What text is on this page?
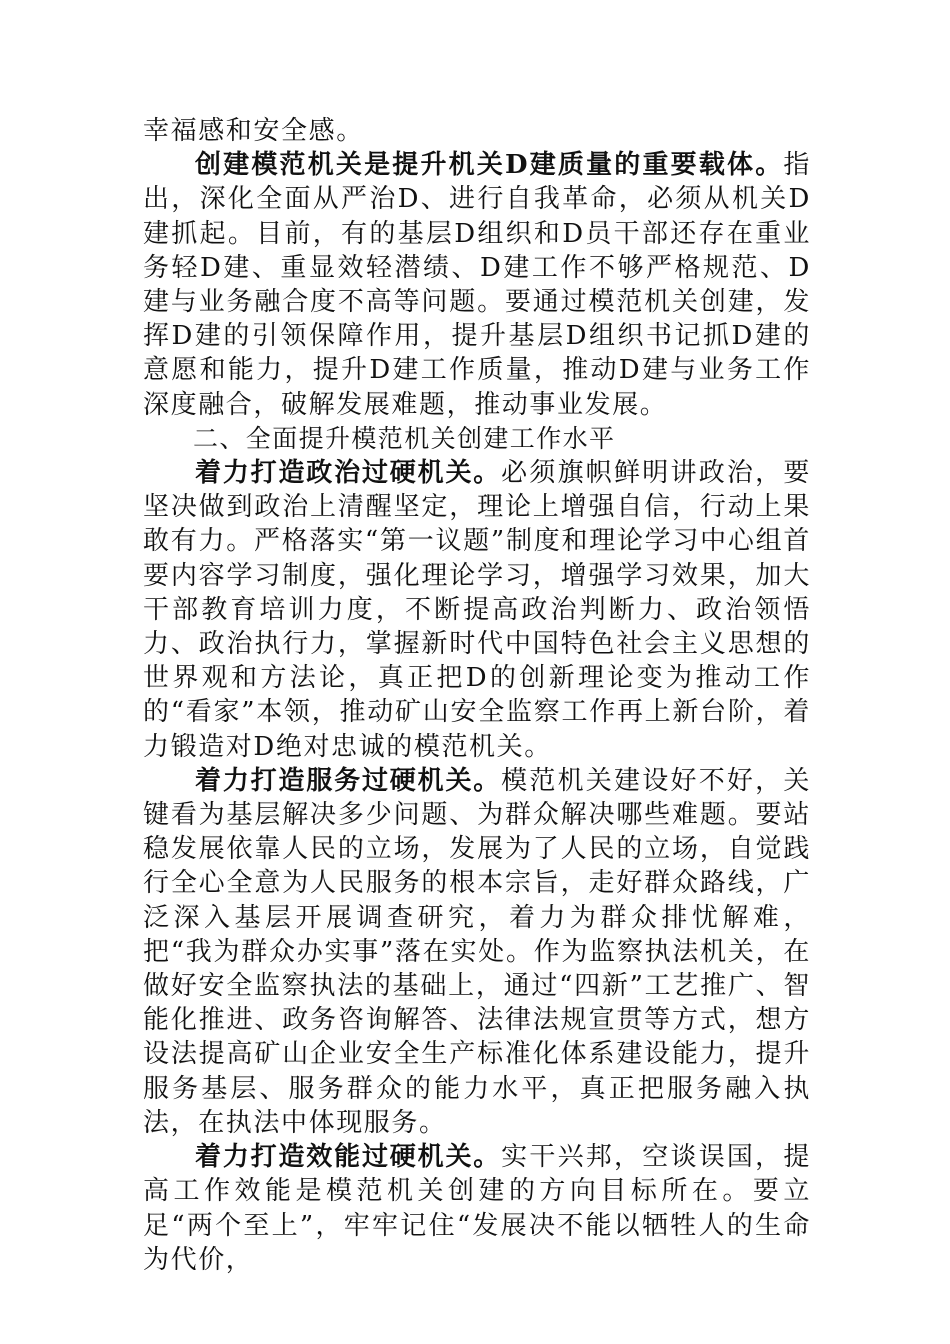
幸福感和安全感。

创建模范机关是提升机关D建质量的重要载体。指出，深化全面从严治D、进行自我革命，必须从机关D建抓起。目前，有的基层D组织和D员干部还存在重业务轻D建、重显效轻潜绩、D建工作不够严格规范、D建与业务融合度不高等问题。要通过模范机关创建，发挥D建的引领保障作用，提升基层D组织书记抓D建的意愿和能力，提升D建工作质量，推动D建与业务工作深度融合，破解发展难题，推动事业发展。

二、全面提升模范机关创建工作水平

着力打造政治过硬机关。必须旗帜鲜明讲政治，要坚决做到政治上清醒坚定，理论上增强自信，行动上果敢有力。严格落实“第一议题”制度和理论学习中心组首要内容学习制度，强化理论学习，增强学习效果，加大干部教育培训力度，不断提高政治判断力、政治领悟力、政治执行力，掌握新时代中国特色社会主义思想的世界观和方法论，真正把D的创新理论变为推动工作的“看家”本领，推动矿山安全监察工作再上新台阶，着力锻造对D绝对忠诚的模范机关。

着力打造服务过硬机关。模范机关建设好不好，关键看为基层解决多少问题、为群众解决哪些难题。要站稳发展依靠人民的立场，发展为了人民的立场，自觉践行全心全意为人民服务的根本宗旨，走好群众路线，广泛深入基层开展调查研究，着力为群众排忧解难，把“我为群众办实事”落在实处。作为监察执法机关，在做好安全监察执法的基础上，通过“四新”工艺推广、智能化推进、政务咨询解答、法律法规宣贯等方式，想方设法提高矿山企业安全生产标准化体系建设能力，提升服务基层、服务群众的能力水平，真正把服务融入执法，在执法中体现服务。

着力打造效能过硬机关。实干兴邦，空谈误国，提高工作效能是模范机关创建的方向目标所在。要立足“两个至上”，牢牢记住“发展决不能以牺牲人的生命为代价，
